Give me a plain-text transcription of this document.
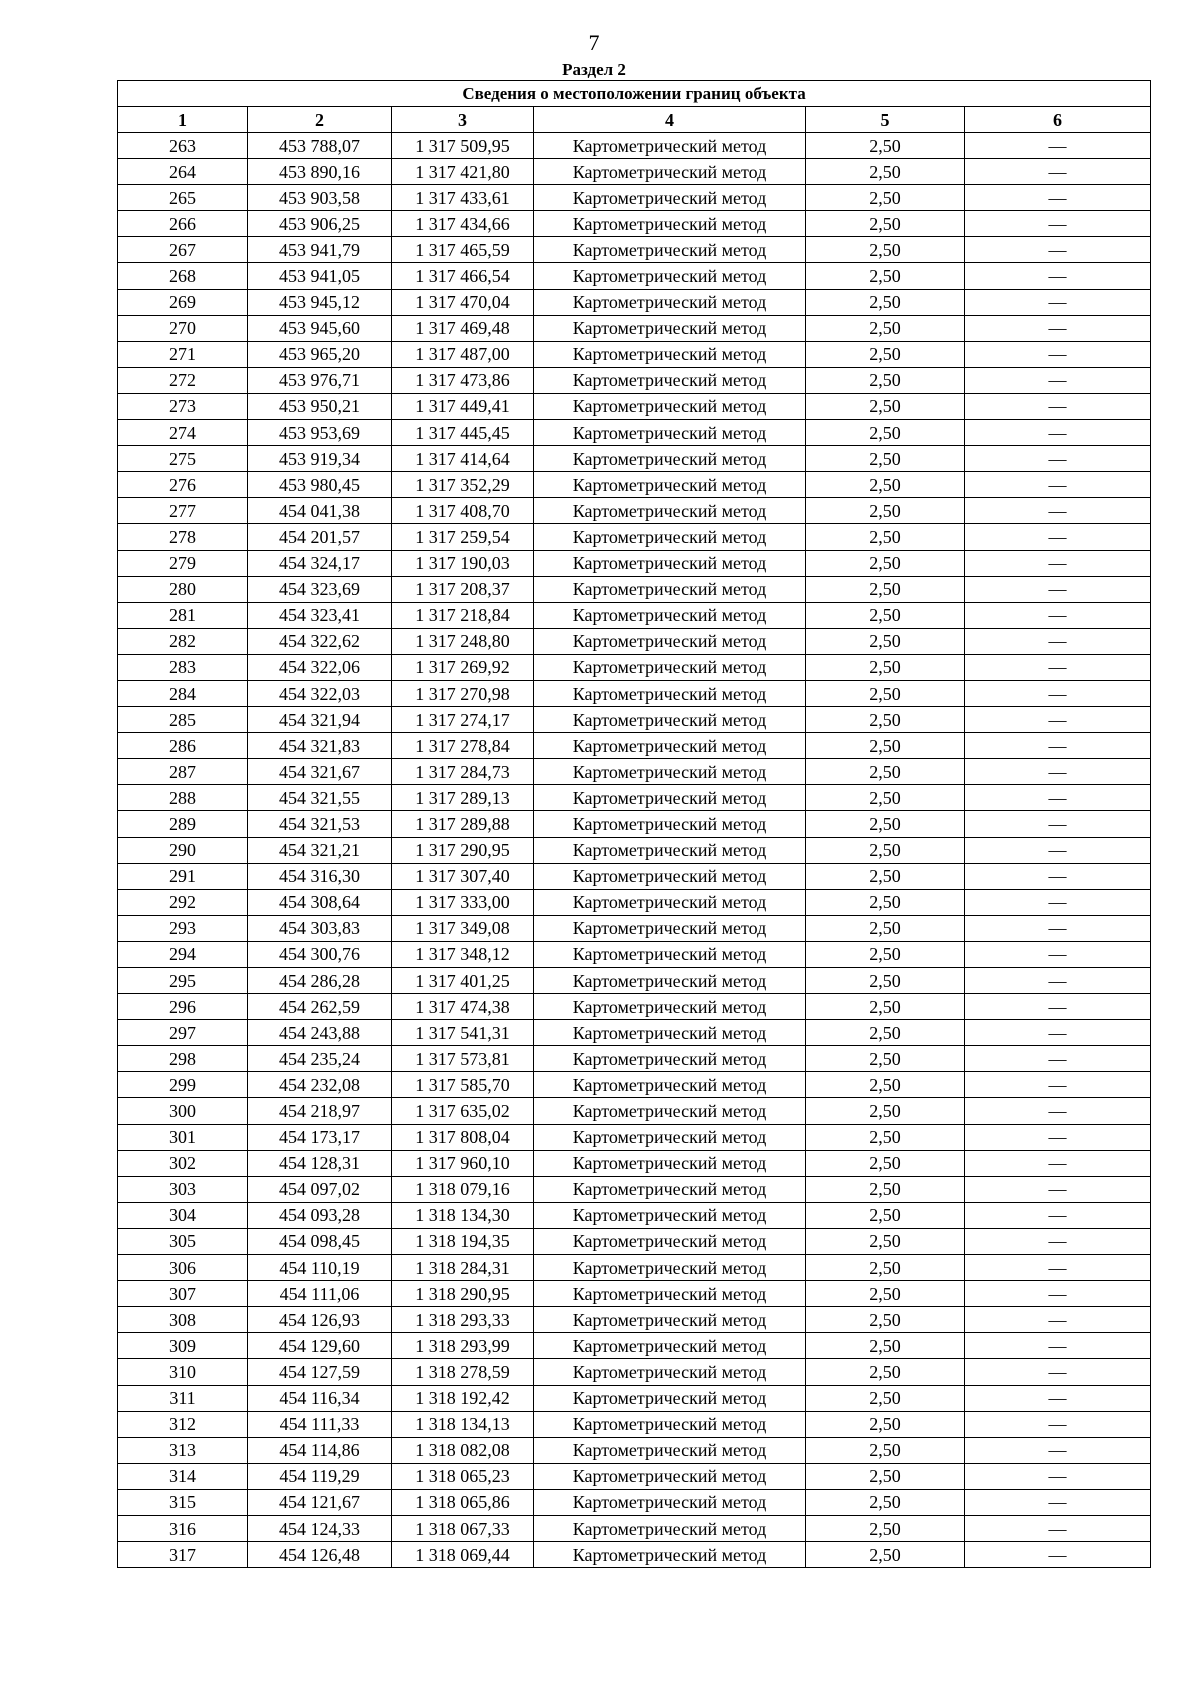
7
Раздел 2
Сведения о местоположении границ объекта					
1	2	3	4	5	6
263	453 788,07	1 317 509,95	Картометрический метод	2,50	—
264	453 890,16	1 317 421,80	Картометрический метод	2,50	—
265	453 903,58	1 317 433,61	Картометрический метод	2,50	—
266	453 906,25	1 317 434,66	Картометрический метод	2,50	—
267	453 941,79	1 317 465,59	Картометрический метод	2,50	—
268	453 941,05	1 317 466,54	Картометрический метод	2,50	—
269	453 945,12	1 317 470,04	Картометрический метод	2,50	—
270	453 945,60	1 317 469,48	Картометрический метод	2,50	—
271	453 965,20	1 317 487,00	Картометрический метод	2,50	—
272	453 976,71	1 317 473,86	Картометрический метод	2,50	—
273	453 950,21	1 317 449,41	Картометрический метод	2,50	—
274	453 953,69	1 317 445,45	Картометрический метод	2,50	—
275	453 919,34	1 317 414,64	Картометрический метод	2,50	—
276	453 980,45	1 317 352,29	Картометрический метод	2,50	—
277	454 041,38	1 317 408,70	Картометрический метод	2,50	—
278	454 201,57	1 317 259,54	Картометрический метод	2,50	—
279	454 324,17	1 317 190,03	Картометрический метод	2,50	—
280	454 323,69	1 317 208,37	Картометрический метод	2,50	—
281	454 323,41	1 317 218,84	Картометрический метод	2,50	—
282	454 322,62	1 317 248,80	Картометрический метод	2,50	—
283	454 322,06	1 317 269,92	Картометрический метод	2,50	—
284	454 322,03	1 317 270,98	Картометрический метод	2,50	—
285	454 321,94	1 317 274,17	Картометрический метод	2,50	—
286	454 321,83	1 317 278,84	Картометрический метод	2,50	—
287	454 321,67	1 317 284,73	Картометрический метод	2,50	—
288	454 321,55	1 317 289,13	Картометрический метод	2,50	—
289	454 321,53	1 317 289,88	Картометрический метод	2,50	—
290	454 321,21	1 317 290,95	Картометрический метод	2,50	—
291	454 316,30	1 317 307,40	Картометрический метод	2,50	—
292	454 308,64	1 317 333,00	Картометрический метод	2,50	—
293	454 303,83	1 317 349,08	Картометрический метод	2,50	—
294	454 300,76	1 317 348,12	Картометрический метод	2,50	—
295	454 286,28	1 317 401,25	Картометрический метод	2,50	—
296	454 262,59	1 317 474,38	Картометрический метод	2,50	—
297	454 243,88	1 317 541,31	Картометрический метод	2,50	—
298	454 235,24	1 317 573,81	Картометрический метод	2,50	—
299	454 232,08	1 317 585,70	Картометрический метод	2,50	—
300	454 218,97	1 317 635,02	Картометрический метод	2,50	—
301	454 173,17	1 317 808,04	Картометрический метод	2,50	—
302	454 128,31	1 317 960,10	Картометрический метод	2,50	—
303	454 097,02	1 318 079,16	Картометрический метод	2,50	—
304	454 093,28	1 318 134,30	Картометрический метод	2,50	—
305	454 098,45	1 318 194,35	Картометрический метод	2,50	—
306	454 110,19	1 318 284,31	Картометрический метод	2,50	—
307	454 111,06	1 318 290,95	Картометрический метод	2,50	—
308	454 126,93	1 318 293,33	Картометрический метод	2,50	—
309	454 129,60	1 318 293,99	Картометрический метод	2,50	—
310	454 127,59	1 318 278,59	Картометрический метод	2,50	—
311	454 116,34	1 318 192,42	Картометрический метод	2,50	—
312	454 111,33	1 318 134,13	Картометрический метод	2,50	—
313	454 114,86	1 318 082,08	Картометрический метод	2,50	—
314	454 119,29	1 318 065,23	Картометрический метод	2,50	—
315	454 121,67	1 318 065,86	Картометрический метод	2,50	—
316	454 124,33	1 318 067,33	Картометрический метод	2,50	—
317	454 126,48	1 318 069,44	Картометрический метод	2,50	—
